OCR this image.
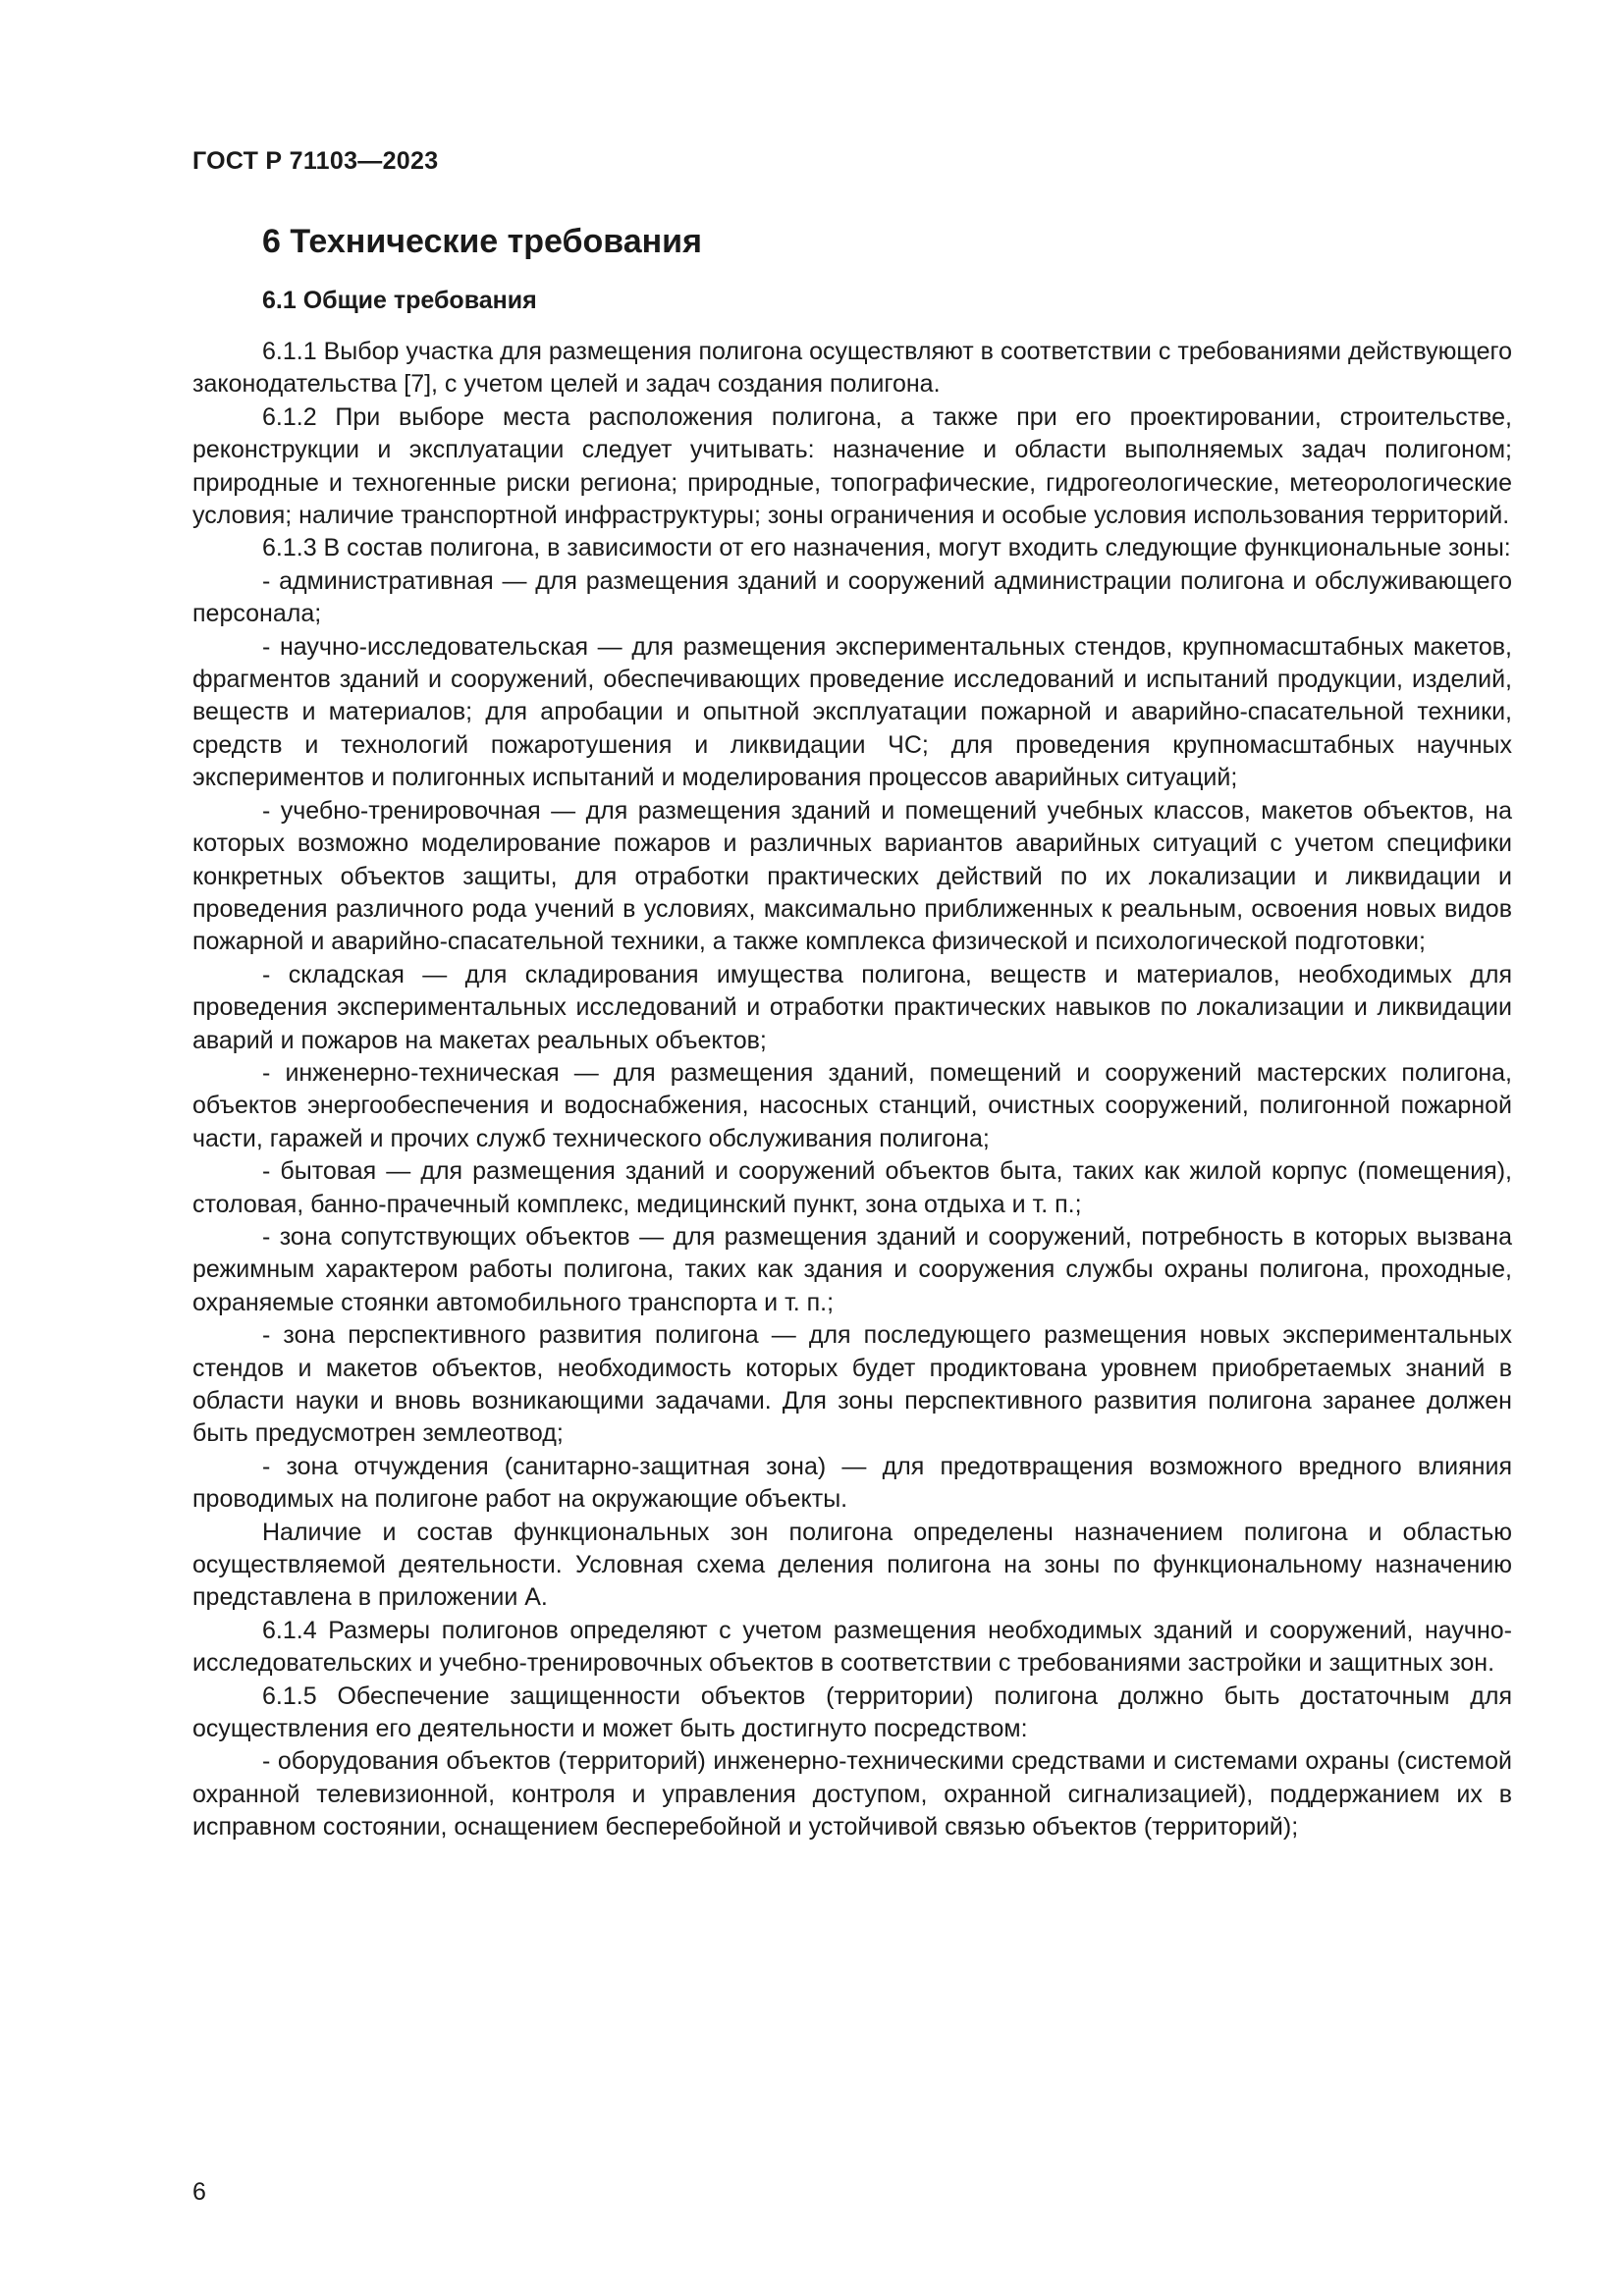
ГОСТ Р 71103—2023
6 Технические требования
6.1 Общие требования

6.1.1 Выбор участка для размещения полигона осуществляют в соответствии с требованиями действующего законодательства [7], с учетом целей и задач создания полигона.

6.1.2 При выборе места расположения полигона, а также при его проектировании, строительстве, реконструкции и эксплуатации следует учитывать: назначение и области выполняемых задач полигоном; природные и техногенные риски региона; природные, топографические, гидрогеологические, метеорологические условия; наличие транспортной инфраструктуры; зоны ограничения и особые условия использования территорий.

6.1.3 В состав полигона, в зависимости от его назначения, могут входить следующие функциональные зоны:

- административная — для размещения зданий и сооружений администрации полигона и обслуживающего персонала;

- научно-исследовательская — для размещения экспериментальных стендов, крупномасштабных макетов, фрагментов зданий и сооружений, обеспечивающих проведение исследований и испытаний продукции, изделий, веществ и материалов; для апробации и опытной эксплуатации пожарной и аварийно-спасательной техники, средств и технологий пожаротушения и ликвидации ЧС; для проведения крупномасштабных научных экспериментов и полигонных испытаний и моделирования процессов аварийных ситуаций;

- учебно-тренировочная — для размещения зданий и помещений учебных классов, макетов объектов, на которых возможно моделирование пожаров и различных вариантов аварийных ситуаций с учетом специфики конкретных объектов защиты, для отработки практических действий по их локализации и ликвидации и проведения различного рода учений в условиях, максимально приближенных к реальным, освоения новых видов пожарной и аварийно-спасательной техники, а также комплекса физической и психологической подготовки;

- складская — для складирования имущества полигона, веществ и материалов, необходимых для проведения экспериментальных исследований и отработки практических навыков по локализации и ликвидации аварий и пожаров на макетах реальных объектов;

- инженерно-техническая — для размещения зданий, помещений и сооружений мастерских полигона, объектов энергообеспечения и водоснабжения, насосных станций, очистных сооружений, полигонной пожарной части, гаражей и прочих служб технического обслуживания полигона;

- бытовая — для размещения зданий и сооружений объектов быта, таких как жилой корпус (помещения), столовая, банно-прачечный комплекс, медицинский пункт, зона отдыха и т. п.;

- зона сопутствующих объектов — для размещения зданий и сооружений, потребность в которых вызвана режимным характером работы полигона, таких как здания и сооружения службы охраны полигона, проходные, охраняемые стоянки автомобильного транспорта и т. п.;

- зона перспективного развития полигона — для последующего размещения новых экспериментальных стендов и макетов объектов, необходимость которых будет продиктована уровнем приобретаемых знаний в области науки и вновь возникающими задачами. Для зоны перспективного развития полигона заранее должен быть предусмотрен землеотвод;

- зона отчуждения (санитарно-защитная зона) — для предотвращения возможного вредного влияния проводимых на полигоне работ на окружающие объекты.

Наличие и состав функциональных зон полигона определены назначением полигона и областью осуществляемой деятельности. Условная схема деления полигона на зоны по функциональному назначению представлена в приложении А.

6.1.4 Размеры полигонов определяют с учетом размещения необходимых зданий и сооружений, научно-исследовательских и учебно-тренировочных объектов в соответствии с требованиями застройки и защитных зон.

6.1.5 Обеспечение защищенности объектов (территории) полигона должно быть достаточным для осуществления его деятельности и может быть достигнуто посредством:

- оборудования объектов (территорий) инженерно-техническими средствами и системами охраны (системой охранной телевизионной, контроля и управления доступом, охранной сигнализацией), поддержанием их в исправном состоянии, оснащением бесперебойной и устойчивой связью объектов (территорий);

6
